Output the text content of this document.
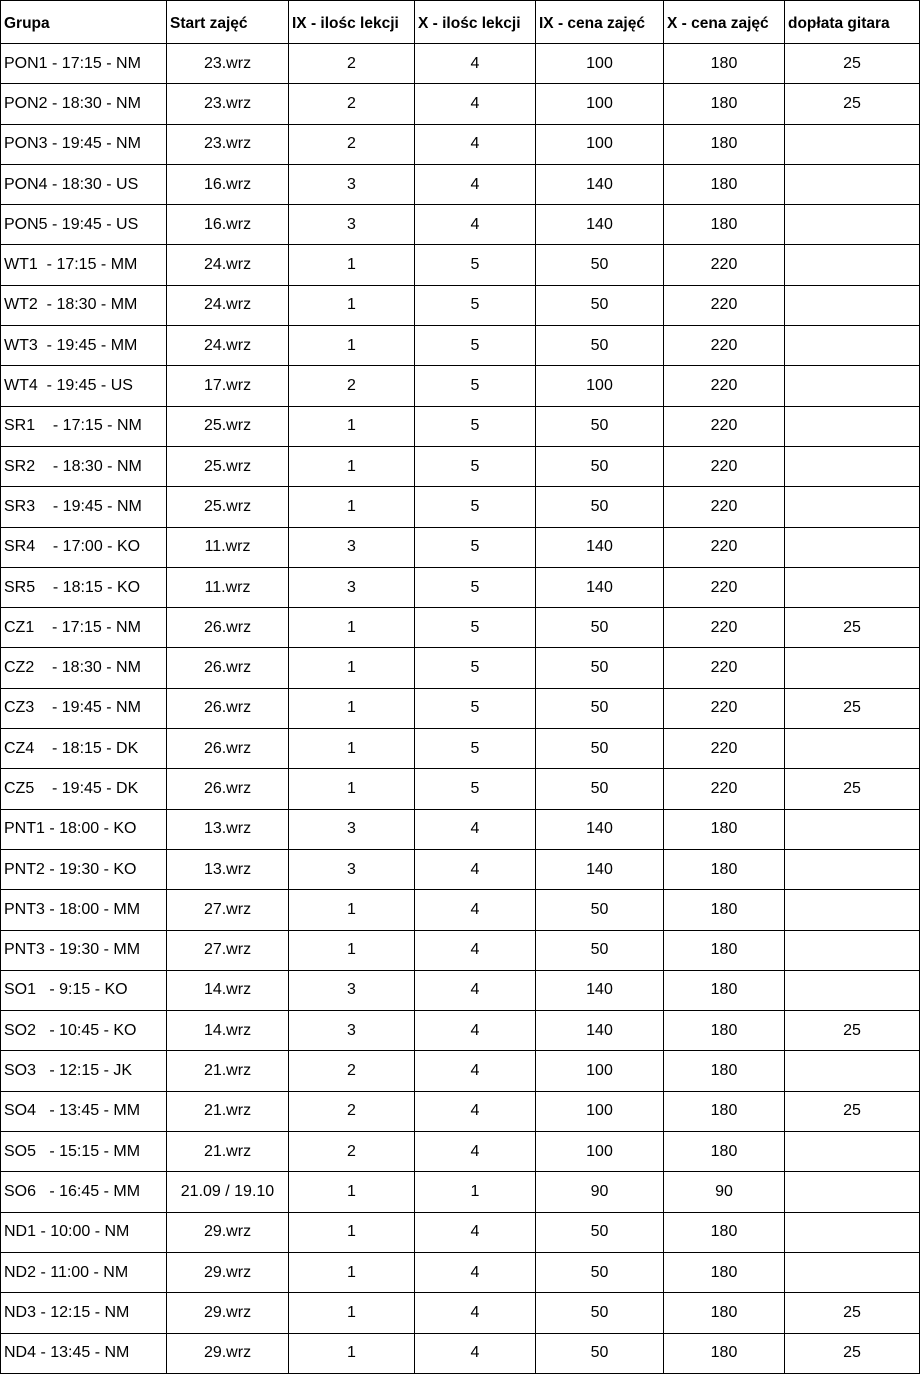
Grupa	Start zajęć	IX - ilośc lekcji	X - ilośc lekcji	IX - cena zajęć	X - cena zajęć	dopłata gitara
PON1 - 17:15 - NM	23.wrz	2	4	100	180	25
PON2 - 18:30 - NM	23.wrz	2	4	100	180	25
PON3 - 19:45 - NM	23.wrz	2	4	100	180	
PON4 - 18:30 - US	16.wrz	3	4	140	180	
PON5 - 19:45 - US	16.wrz	3	4	140	180	
WT1  - 17:15 - MM	24.wrz	1	5	50	220	
WT2  - 18:30 - MM	24.wrz	1	5	50	220	
WT3  - 19:45 - MM	24.wrz	1	5	50	220	
WT4  - 19:45 - US	17.wrz	2	5	100	220	
SR1    - 17:15 - NM	25.wrz	1	5	50	220	
SR2    - 18:30 - NM	25.wrz	1	5	50	220	
SR3    - 19:45 - NM	25.wrz	1	5	50	220	
SR4    - 17:00 - KO	11.wrz	3	5	140	220	
SR5    - 18:15 - KO	11.wrz	3	5	140	220	
CZ1    - 17:15 - NM	26.wrz	1	5	50	220	25
CZ2    - 18:30 - NM	26.wrz	1	5	50	220	
CZ3    - 19:45 - NM	26.wrz	1	5	50	220	25
CZ4    - 18:15 - DK	26.wrz	1	5	50	220	
CZ5    - 19:45 - DK	26.wrz	1	5	50	220	25
PNT1 - 18:00 - KO	13.wrz	3	4	140	180	
PNT2 - 19:30 - KO	13.wrz	3	4	140	180	
PNT3 - 18:00 - MM	27.wrz	1	4	50	180	
PNT3 - 19:30 - MM	27.wrz	1	4	50	180	
SO1   - 9:15 - KO	14.wrz	3	4	140	180	
SO2   - 10:45 - KO	14.wrz	3	4	140	180	25
SO3   - 12:15 - JK	21.wrz	2	4	100	180	
SO4   - 13:45 - MM	21.wrz	2	4	100	180	25
SO5   - 15:15 - MM	21.wrz	2	4	100	180	
SO6   - 16:45 - MM	21.09 / 19.10	1	1	90	90	
ND1 - 10:00 - NM	29.wrz	1	4	50	180	
ND2 - 11:00 - NM	29.wrz	1	4	50	180	
ND3 - 12:15 - NM	29.wrz	1	4	50	180	25
ND4 - 13:45 - NM	29.wrz	1	4	50	180	25
